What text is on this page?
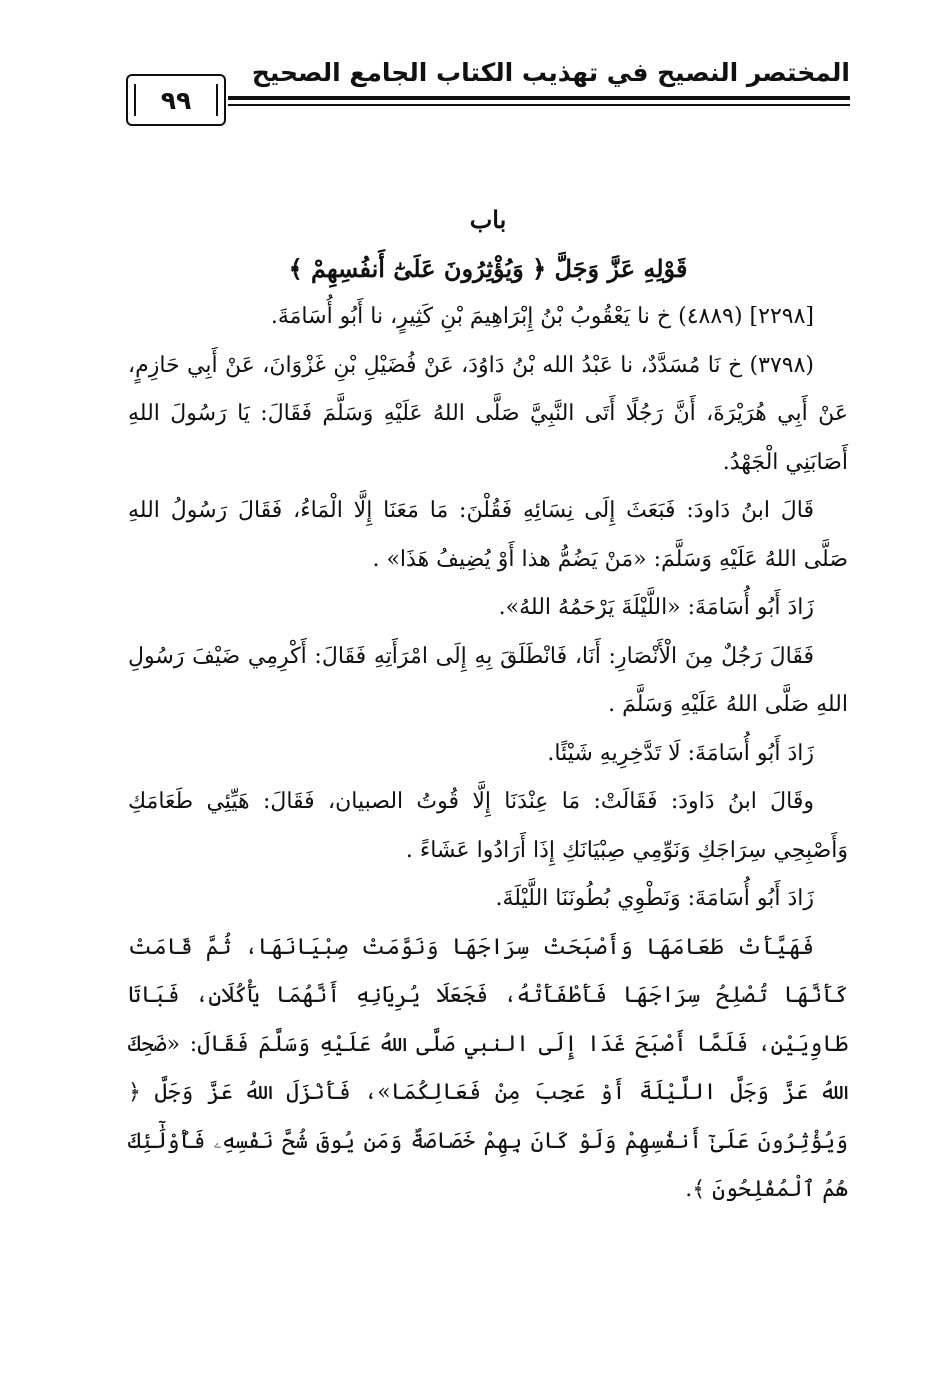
المختصر النصيح في تهذيب الكتاب الجامع الصحيح
٩٩

باب

قَوْلِهِ عَزَّ وَجَلَّ ﴿ وَيُؤْثِرُونَ عَلَىٰٓ أَنفُسِهِمْ ﴾

[٢٢٩٨] (٤٨٨٩) خ نا يَعْقُوبُ بْنُ إِبْرَاهِيمَ بْنِ كَثِيرٍ، نا أَبُو أُسَامَةَ.

(٣٧٩٨) خ نَا مُسَدَّدٌ، نا عَبْدُ الله بْنُ دَاوُدَ، عَنْ فُضَيْلِ بْنِ غَزْوَانَ، عَنْ أَبِي حَازِمٍ، عَنْ أَبِي هُرَيْرَةَ، أَنَّ رَجُلًا أَتَى النَّبِيَّ صَلَّى اللهُ عَلَيْهِ وَسَلَّمَ فَقَالَ: يَا رَسُولَ اللهِ أَصَابَنِي الْجَهْدُ.

قَالَ ابنُ دَاودَ: فَبَعَثَ إِلَى نِسَائِهِ فَقُلْنَ: مَا مَعَنَا إِلَّا الْمَاءُ، فَقَالَ رَسُولُ اللهِ صَلَّى اللهُ عَلَيْهِ وَسَلَّمَ: «مَنْ يَضُمُّ هذا أَوْ يُضِيفُ هَذَا» .

زَادَ أَبُو أُسَامَةَ: «اللَّيْلَةَ يَرْحَمُهُ اللهُ».

فَقَالَ رَجُلٌ مِنَ الْأَنْصَارِ: أَنَا، فَانْطَلَقَ بِهِ إِلَى امْرَأَتِهِ فَقَالَ: أَكْرِمِي ضَيْفَ رَسُولِ اللهِ صَلَّى اللهُ عَلَيْهِ وَسَلَّمَ .

زَادَ أَبُو أُسَامَةَ: لَا تَدَّخِرِيهِ شَيْئًا.

وقَالَ ابنُ دَاودَ: فَقَالَتْ: مَا عِنْدَنَا إِلَّا قُوتُ الصبيان، فَقَالَ: هَيِّئِي طَعَامَكِ وَأَصْبِحِي سِرَاجَكِ وَنَوِّمِي صِبْيَانَكِ إِذَا أَرَادُوا عَشَاءً .

زَادَ أَبُو أُسَامَةَ: وَنَطْوِي بُطُونَنَا اللَّيْلَةَ.

فَهَيَّأَتْ طَعَامَهَا وَأَصْبَحَتْ سِرَاجَهَا وَنَوَّمَتْ صِبْيَانَهَا، ثُمَّ قَامَتْ كَأَنَّهَا تُصْلِحُ سِرَاجَهَا فَأَطْفَأَتْهُ، فَجَعَلَا يُرِيَانِهِ أَنَّهُمَا يَأْكُلَانِ، فَبَاتَا طَاوِيَيْنِ، فَلَمَّا أَصْبَحَ غَدَا إِلَى النبي صَلَّى اللهُ عَلَيْهِ وَسَلَّمَ فَقَالَ: «ضَحِكَ اللهُ عَزَّ وَجَلَّ اللَّيْلَةَ أَوْ عَجِبَ مِنْ فَعَالِكُمَا»، فَأَنْزَلَ اللهُ عَزَّ وَجَلَّ ﴿ وَيُؤْثِرُونَ عَلَىٰٓ أَنفُسِهِمْ وَلَوْ كَانَ بِهِمْ خَصَاصَةٌ وَمَن يُوقَ شُحَّ نَفْسِهِۦ فَأُوْلَٰٓئِكَ هُمُ ٱلْمُفْلِحُونَ ﴾.
